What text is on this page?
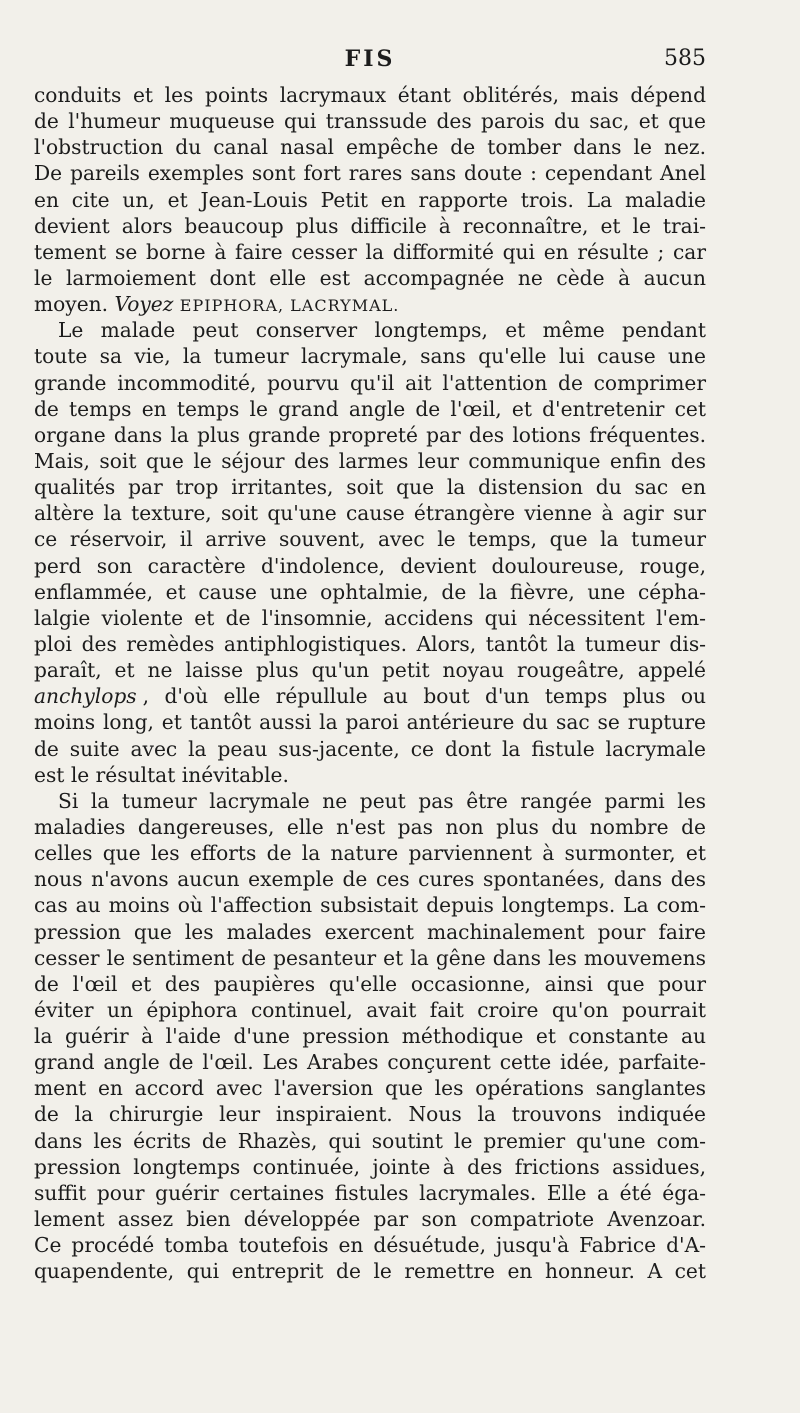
FIS	585
conduits et les points lacrymaux étant oblitérés, mais dépend
de l'humeur muqueuse qui transsude des parois du sac, et que
l'obstruction du canal nasal empêche de tomber dans le nez.
De pareils exemples sont fort rares sans doute : cependant Anel
en cite un, et Jean-Louis Petit en rapporte trois. La maladie
devient alors beaucoup plus difficile à reconnaître, et le trai-
tement se borne à faire cesser la difformité qui en résulte ; car
le larmoiement dont elle est accompagnée ne cède à aucun
moyen. Voyez EPIPHORA, LACRYMAL.
Le malade peut conserver longtemps, et même pendant
toute sa vie, la tumeur lacrymale, sans qu'elle lui cause une
grande incommodité, pourvu qu'il ait l'attention de comprimer
de temps en temps le grand angle de l'œil, et d'entretenir cet
organe dans la plus grande propreté par des lotions fréquentes.
Mais, soit que le séjour des larmes leur communique enfin des
qualités par trop irritantes, soit que la distension du sac en
altère la texture, soit qu'une cause étrangère vienne à agir sur
ce réservoir, il arrive souvent, avec le temps, que la tumeur
perd son caractère d'indolence, devient douloureuse, rouge,
enflammée, et cause une ophtalmie, de la fièvre, une cépha-
lalgie violente et de l'insomnie, accidens qui nécessitent l'em-
ploi des remèdes antiphlogistiques. Alors, tantôt la tumeur dis-
paraît, et ne laisse plus qu'un petit noyau rougeâtre, appelé
anchylops , d'où elle répullule au bout d'un temps plus ou
moins long, et tantôt aussi la paroi antérieure du sac se rupture
de suite avec la peau sus-jacente, ce dont la fistule lacrymale
est le résultat inévitable.
Si la tumeur lacrymale ne peut pas être rangée parmi les
maladies dangereuses, elle n'est pas non plus du nombre de
celles que les efforts de la nature parviennent à surmonter, et
nous n'avons aucun exemple de ces cures spontanées, dans des
cas au moins où l'affection subsistait depuis longtemps. La com-
pression que les malades exercent machinalement pour faire
cesser le sentiment de pesanteur et la gêne dans les mouvemens
de l'œil et des paupières qu'elle occasionne, ainsi que pour
éviter un épiphora continuel, avait fait croire qu'on pourrait
la guérir à l'aide d'une pression méthodique et constante au
grand angle de l'œil. Les Arabes conçurent cette idée, parfaite-
ment en accord avec l'aversion que les opérations sanglantes
de la chirurgie leur inspiraient. Nous la trouvons indiquée
dans les écrits de Rhazès, qui soutint le premier qu'une com-
pression longtemps continuée, jointe à des frictions assidues,
suffit pour guérir certaines fistules lacrymales. Elle a été éga-
lement assez bien développée par son compatriote Avenzoar.
Ce procédé tomba toutefois en désuétude, jusqu'à Fabrice d'A-
quapendente, qui entreprit de le remettre en honneur. A cet
